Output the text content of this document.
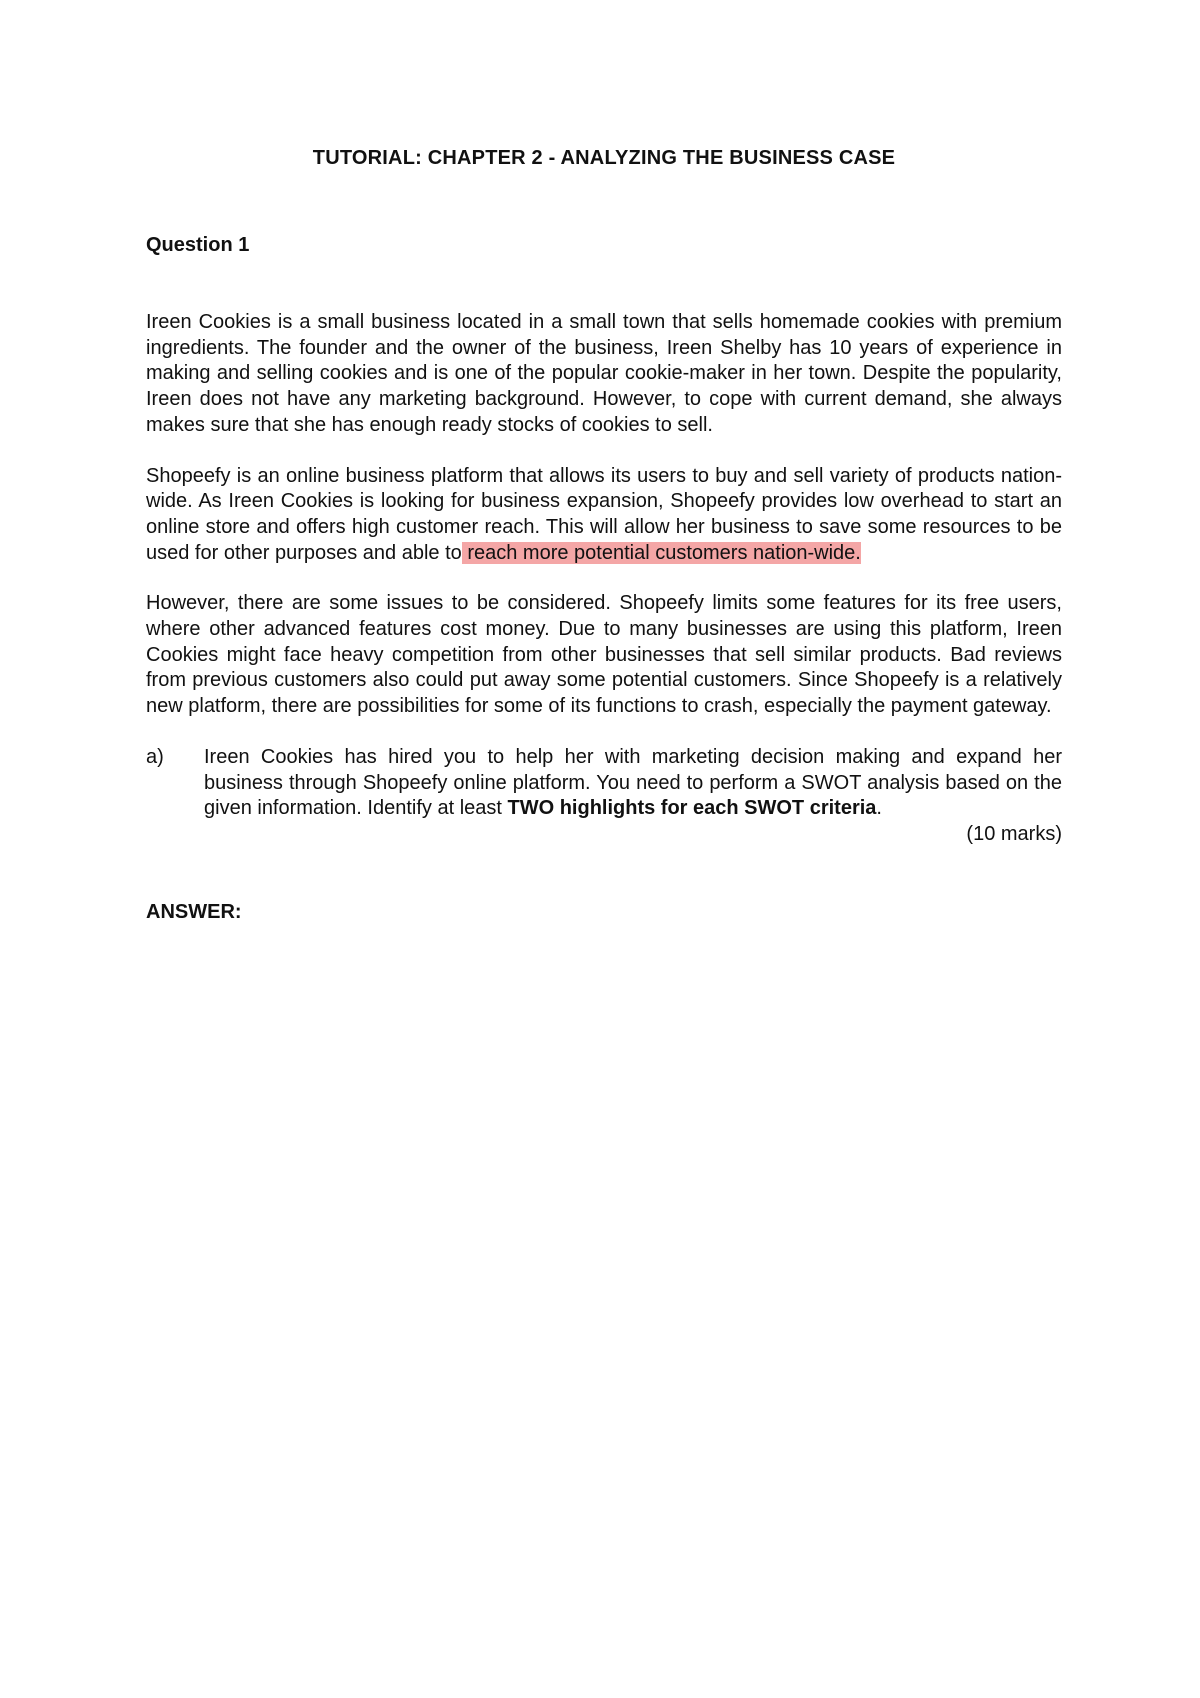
TUTORIAL: CHAPTER 2 - ANALYZING THE BUSINESS CASE
Question 1

Ireen Cookies is a small business located in a small town that sells homemade cookies with premium ingredients. The founder and the owner of the business, Ireen Shelby has 10 years of experience in making and selling cookies and is one of the popular cookie-maker in her town. Despite the popularity, Ireen does not have any marketing background. However, to cope with current demand, she always makes sure that she has enough ready stocks of cookies to sell.

Shopeefy is an online business platform that allows its users to buy and sell variety of products nation-wide. As Ireen Cookies is looking for business expansion, Shopeefy provides low overhead to start an online store and offers high customer reach. This will allow her business to save some resources to be used for other purposes and able to reach more potential customers nation-wide.

However, there are some issues to be considered. Shopeefy limits some features for its free users, where other advanced features cost money. Due to many businesses are using this platform, Ireen Cookies might face heavy competition from other businesses that sell similar products. Bad reviews from previous customers also could put away some potential customers. Since Shopeefy is a relatively new platform, there are possibilities for some of its functions to crash, especially the payment gateway.

a)	Ireen Cookies has hired you to help her with marketing decision making and expand her business through Shopeefy online platform. You need to perform a SWOT analysis based on the given information. Identify at least TWO highlights for each SWOT criteria.
(10 marks)
ANSWER:
